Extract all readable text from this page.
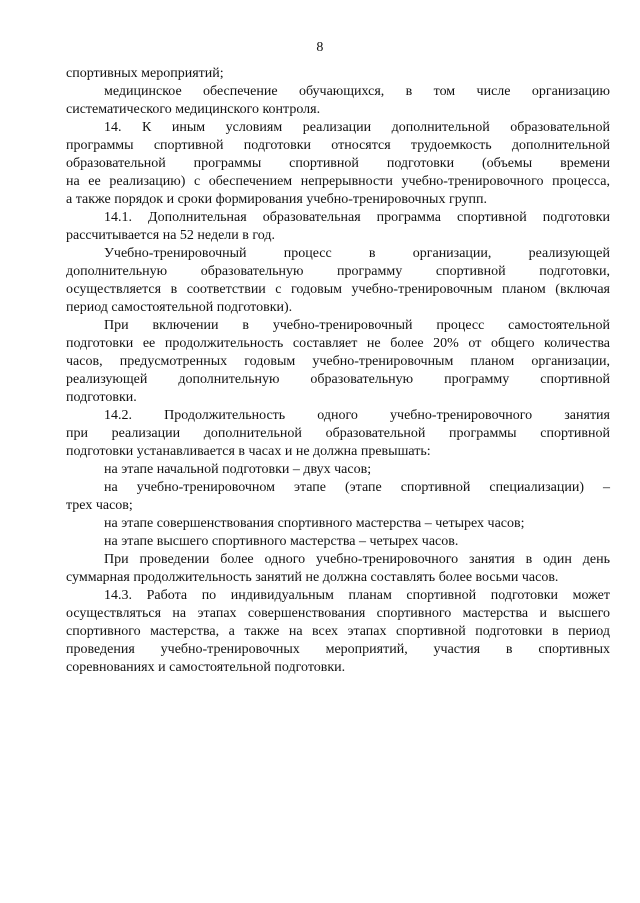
8
спортивных мероприятий;
медицинское обеспечение обучающихся, в том числе организацию
систематического медицинского контроля.
14. К иным условиям реализации дополнительной образовательной
программы спортивной подготовки относятся трудоемкость дополнительной
образовательной программы спортивной подготовки (объемы времени
на ее реализацию) с обеспечением непрерывности учебно-тренировочного процесса,
а также порядок и сроки формирования учебно-тренировочных групп.
14.1. Дополнительная образовательная программа спортивной подготовки
рассчитывается на 52 недели в год.
Учебно-тренировочный процесс в организации, реализующей
дополнительную образовательную программу спортивной подготовки,
осуществляется в соответствии с годовым учебно-тренировочным планом (включая
период самостоятельной подготовки).
При включении в учебно-тренировочный процесс самостоятельной
подготовки ее продолжительность составляет не более 20% от общего количества
часов, предусмотренных годовым учебно-тренировочным планом организации,
реализующей дополнительную образовательную программу спортивной
подготовки.
14.2. Продолжительность одного учебно-тренировочного занятия
при реализации дополнительной образовательной программы спортивной
подготовки устанавливается в часах и не должна превышать:
на этапе начальной подготовки – двух часов;
на учебно-тренировочном этапе (этапе спортивной специализации) –
трех часов;
на этапе совершенствования спортивного мастерства – четырех часов;
на этапе высшего спортивного мастерства – четырех часов.
При проведении более одного учебно-тренировочного занятия в один день
суммарная продолжительность занятий не должна составлять более восьми часов.
14.3. Работа по индивидуальным планам спортивной подготовки может
осуществляться на этапах совершенствования спортивного мастерства и высшего
спортивного мастерства, а также на всех этапах спортивной подготовки в период
проведения учебно-тренировочных мероприятий, участия в спортивных
соревнованиях и самостоятельной подготовки.
